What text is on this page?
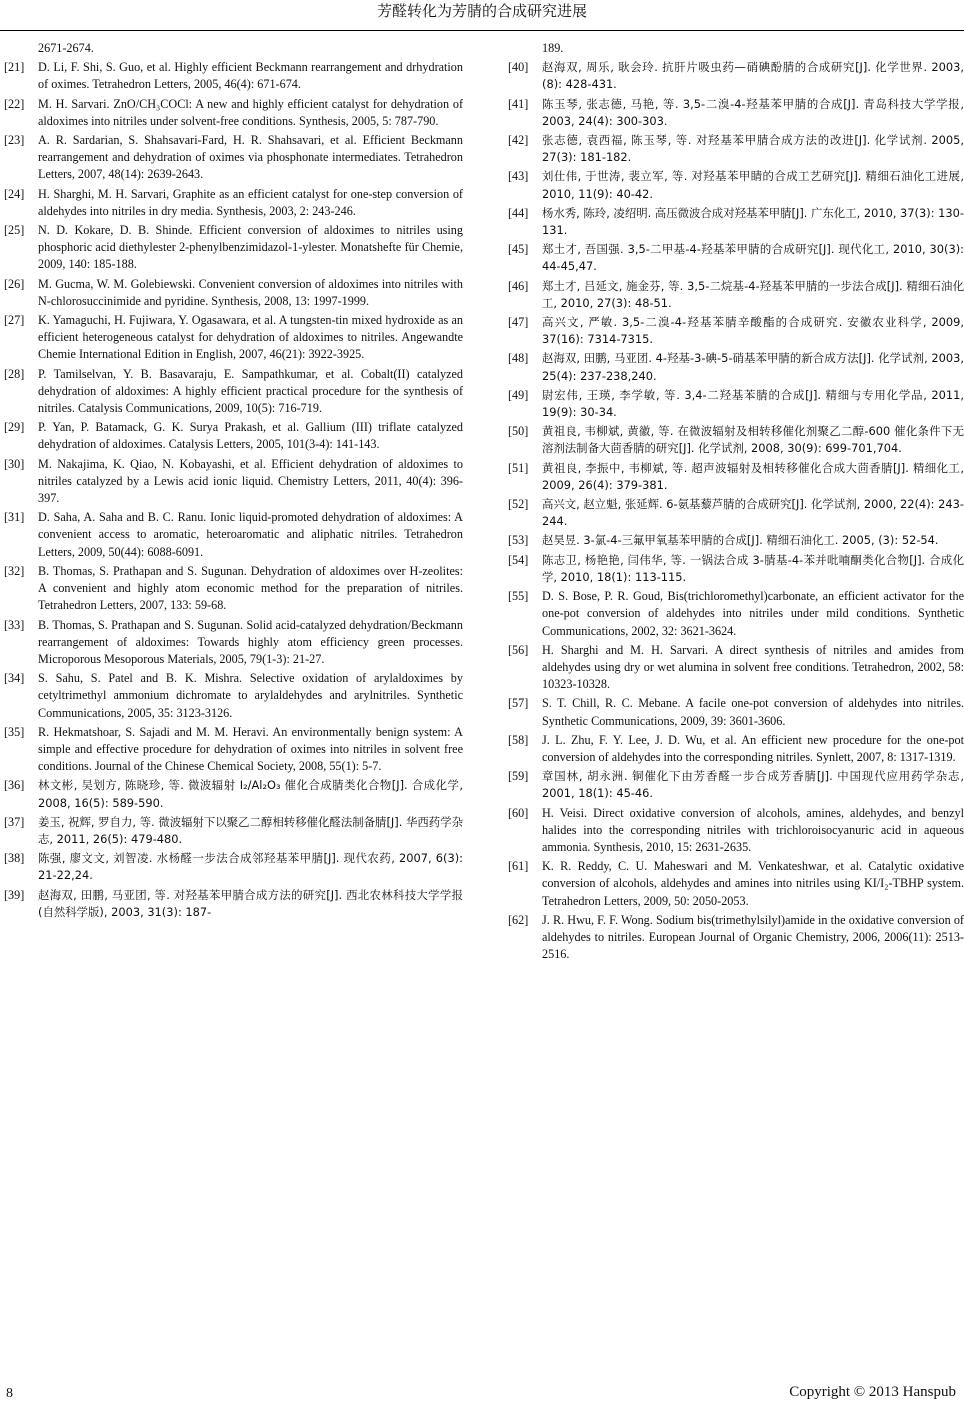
芳醛转化为芳腈的合成研究进展
2671-2674.
[21] D. Li, F. Shi, S. Guo, et al. Highly efficient Beckmann rearrangement and drhydration of oximes. Tetrahedron Letters, 2005, 46(4): 671-674.
[22] M. H. Sarvari. ZnO/CH₃COCl: A new and highly efficient catalyst for dehydration of aldoximes into nitriles under solvent-free conditions. Synthesis, 2005, 5: 787-790.
[23] A. R. Sardarian, S. Shahsavari-Fard, H. R. Shahsavari, et al. Efficient Beckmann rearrangement and dehydration of oximes via phosphonate intermediates. Tetrahedron Letters, 2007, 48(14): 2639-2643.
[24] H. Sharghi, M. H. Sarvari, Graphite as an efficient catalyst for one-step conversion of aldehydes into nitriles in dry media. Synthesis, 2003, 2: 243-246.
[25] N. D. Kokare, D. B. Shinde. Efficient conversion of aldoximes to nitriles using phosphoric acid diethylester 2-phenylbenzimidazol-1-ylester. Monatshefte für Chemie, 2009, 140: 185-188.
[26] M. Gucma, W. M. Golebiewski. Convenient conversion of aldoximes into nitriles with N-chlorosuccinimide and pyridine. Synthesis, 2008, 13: 1997-1999.
[27] K. Yamaguchi, H. Fujiwara, Y. Ogasawara, et al. A tungsten-tin mixed hydroxide as an efficient heterogeneous catalyst for dehydration of aldoximes to nitriles. Angewandte Chemie International Edition in English, 2007, 46(21): 3922-3925.
[28] P. Tamilselvan, Y. B. Basavaraju, E. Sampathkumar, et al. Cobalt(II) catalyzed dehydration of aldoximes: A highly efficient practical procedure for the synthesis of nitriles. Catalysis Communications, 2009, 10(5): 716-719.
[29] P. Yan, P. Batamack, G. K. Surya Prakash, et al. Gallium (III) triflate catalyzed dehydration of aldoximes. Catalysis Letters, 2005, 101(3-4): 141-143.
[30] M. Nakajima, K. Qiao, N. Kobayashi, et al. Efficient dehydration of aldoximes to nitriles catalyzed by a Lewis acid ionic liquid. Chemistry Letters, 2011, 40(4): 396-397.
[31] D. Saha, A. Saha and B. C. Ranu. Ionic liquid-promoted dehydration of aldoximes: A convenient access to aromatic, heteroaromatic and aliphatic nitriles. Tetrahedron Letters, 2009, 50(44): 6088-6091.
[32] B. Thomas, S. Prathapan and S. Sugunan. Dehydration of aldoximes over H-zeolites: A convenient and highly atom economic method for the preparation of nitriles. Tetrahedron Letters, 2007, 133: 59-68.
[33] B. Thomas, S. Prathapan and S. Sugunan. Solid acid-catalyzed dehydration/Beckmann rearrangement of aldoximes: Towards highly atom efficiency green processes. Microporous Mesoporous Materials, 2005, 79(1-3): 21-27.
[34] S. Sahu, S. Patel and B. K. Mishra. Selective oxidation of arylaldoximes by cetyltrimethyl ammonium dichromate to arylaldehydes and arylnitriles. Synthetic Communications, 2005, 35: 3123-3126.
[35] R. Hekmatshoar, S. Sajadi and M. M. Heravi. An environmentally benign system: A simple and effective procedure for dehydration of oximes into nitriles in solvent free conditions. Journal of the Chinese Chemical Society, 2008, 55(1): 5-7.
[36] 林文彬, 吴划方, 陈晓珍, 等. 微波辐射 I₂/Al₂O₃ 催化合成腈类化合物[J]. 合成化学, 2008, 16(5): 589-590.
[37] 姜玉, 祝辉, 罗自力, 等. 微波辐射下以聚乙二醇相转移催化醛法制备腈[J]. 华西药学杂志, 2011, 26(5): 479-480.
[38] 陈强, 廖文文, 刘智凌. 水杨醛一步法合成邻羟基苯甲腈[J]. 现代农药, 2007, 6(3): 21-22,24.
[39] 赵海双, 田鹏, 马亚团, 等. 对羟基苯甲腈合成方法的研究[J]. 西北农林科技大学学报(自然科学版), 2003, 31(3): 187-
189.
[40] 赵海双, 周乐, 耿会玲. 抗肝片吸虫药—硝碘酚腈的合成研究[J]. 化学世界. 2003, (8): 428-431.
[41] 陈玉琴, 张志德, 马艳, 等. 3,5-二溴-4-羟基苯甲腈的合成[J]. 青岛科技大学学报, 2003, 24(4): 300-303.
[42] 张志德, 袁西福, 陈玉琴, 等. 对羟基苯甲腈合成方法的改进[J]. 化学试剂. 2005, 27(3): 181-182.
[43] 刘仕伟, 于世涛, 裴立军, 等. 对羟基苯甲睛的合成工艺研究[J]. 精细石油化工进展, 2010, 11(9): 40-42.
[44] 杨水秀, 陈玲, 凌绍明. 高压微波合成对羟基苯甲腈[J]. 广东化工, 2010, 37(3): 130-131.
[45] 郑土才, 吾国强. 3,5-二甲基-4-羟基苯甲腈的合成研究[J]. 现代化工, 2010, 30(3): 44-45,47.
[46] 郑土才, 吕延文, 施金芬, 等. 3,5-二烷基-4-羟基苯甲腈的一步法合成[J]. 精细石油化工, 2010, 27(3): 48-51.
[47] 高兴文, 严敏. 3,5-二溴-4-羟基苯腈辛酸酯的合成研究. 安徽农业科学, 2009, 37(16): 7314-7315.
[48] 赵海双, 田鹏, 马亚团. 4-羟基-3-碘-5-硝基苯甲腈的新合成方法[J]. 化学试剂, 2003, 25(4): 237-238,240.
[49] 尉宏伟, 王瑛, 李学敏, 等. 3,4-二羟基苯腈的合成[J]. 精细与专用化学品, 2011, 19(9): 30-34.
[50] 黄祖良, 韦柳斌, 黄徽, 等. 在微波辐射及相转移催化剂聚乙二醇-600 催化条件下无溶剂法制备大茴香腈的研究[J]. 化学试剂, 2008, 30(9): 699-701,704.
[51] 黄祖良, 李振中, 韦柳斌, 等. 超声波辐射及相转移催化合成大茴香腈[J]. 精细化工, 2009, 26(4): 379-381.
[52] 高兴文, 赵立魁, 张延辉. 6-氨基藜芦腈的合成研究[J]. 化学试剂, 2000, 22(4): 243-244.
[53] 赵昊昱. 3-氯-4-三氟甲氧基苯甲腈的合成[J]. 精细石油化工. 2005, (3): 52-54.
[54] 陈志卫, 杨艳艳, 闫伟华, 等. 一锅法合成 3-腈基-4-苯并吡喃酮类化合物[J]. 合成化学, 2010, 18(1): 113-115.
[55] D. S. Bose, P. R. Goud, Bis(trichloromethyl)carbonate, an efficient activator for the one-pot conversion of aldehydes into nitriles under mild conditions. Synthetic Communications, 2002, 32: 3621-3624.
[56] H. Sharghi and M. H. Sarvari. A direct synthesis of nitriles and amides from aldehydes using dry or wet alumina in solvent free conditions. Tetrahedron, 2002, 58: 10323-10328.
[57] S. T. Chill, R. C. Mebane. A facile one-pot conversion of aldehydes into nitriles. Synthetic Communications, 2009, 39: 3601-3606.
[58] J. L. Zhu, F. Y. Lee, J. D. Wu, et al. An efficient new procedure for the one-pot conversion of aldehydes into the corresponding nitriles. Synlett, 2007, 8: 1317-1319.
[59] 章国林, 胡永洲. 铜催化下由芳香醛一步合成芳香腈[J]. 中国现代应用药学杂志, 2001, 18(1): 45-46.
[60] H. Veisi. Direct oxidative conversion of alcohols, amines, aldehydes, and benzyl halides into the corresponding nitriles with trichloroisocyanuric acid in aqueous ammonia. Synthesis, 2010, 15: 2631-2635.
[61] K. R. Reddy, C. U. Maheswari and M. Venkateshwar, et al. Catalytic oxidative conversion of alcohols, aldehydes and amines into nitriles using KI/I₂-TBHP system. Tetrahedron Letters, 2009, 50: 2050-2053.
[62] J. R. Hwu, F. F. Wong. Sodium bis(trimethylsilyl)amide in the oxidative conversion of aldehydes to nitriles. European Journal of Organic Chemistry, 2006, 2006(11): 2513-2516.
8	Copyright © 2013 Hanspub
